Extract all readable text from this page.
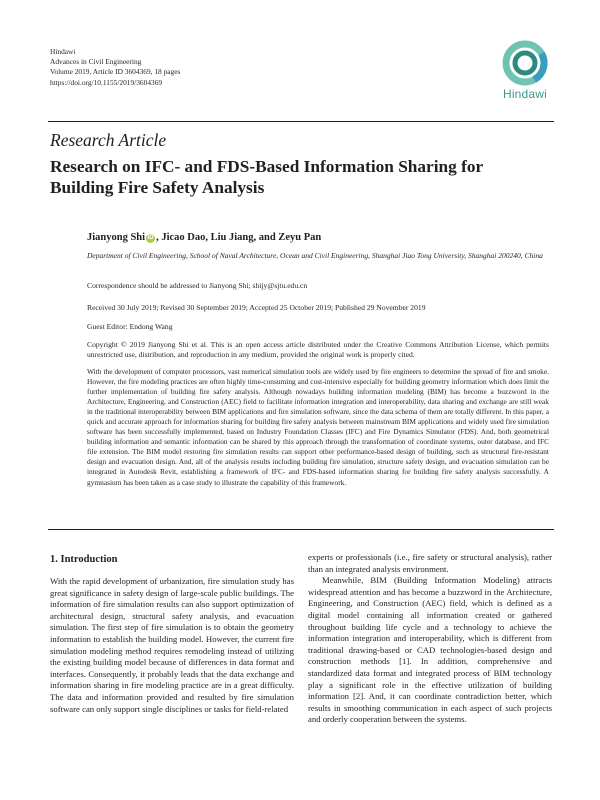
Hindawi
Advances in Civil Engineering
Volume 2019, Article ID 3604369, 18 pages
https://doi.org/10.1155/2019/3604369
Hindawi
Research Article
Research on IFC- and FDS-Based Information Sharing for Building Fire Safety Analysis
Jianyong Shi iD , Jicao Dao, Liu Jiang, and Zeyu Pan
Department of Civil Engineering, School of Naval Architecture, Ocean and Civil Engineering, Shanghai Jiao Tong University, Shanghai 200240, China
Correspondence should be addressed to Jianyong Shi; shijy@sjtu.edu.cn
Received 30 July 2019; Revised 30 September 2019; Accepted 25 October 2019; Published 29 November 2019
Guest Editor: Endong Wang
Copyright © 2019 Jianyong Shi et al. This is an open access article distributed under the Creative Commons Attribution License, which permits unrestricted use, distribution, and reproduction in any medium, provided the original work is properly cited.
With the development of computer processors, vast numerical simulation tools are widely used by fire engineers to determine the spread of fire and smoke. However, the fire modeling practices are often highly time-consuming and cost-intensive especially for building geometry information which does limit the further implementation of building fire safety analysis. Although nowadays building information modeling (BIM) has become a buzzword in the Architecture, Engineering, and Construction (AEC) field to facilitate information integration and interoperability, data sharing and exchange are still weak in the traditional interoperability between BIM applications and fire simulation software, since the data schema of them are totally different. In this paper, a quick and accurate approach for information sharing for building fire safety analysis between mainstream BIM applications and widely used fire simulation software has been successfully implemented, based on Industry Foundation Classes (IFC) and Fire Dynamics Simulator (FDS). And, both geometrical building information and semantic information can be shared by this approach through the transformation of coordinate systems, outer database, and IFC file extension. The BIM model restoring fire simulation results can support other performance-based design of building, such as structural fire-resistant design and evacuation design. And, all of the analysis results including building fire simulation, structure safety design, and evacuation simulation can be integrated in Autodesk Revit, establishing a framework of IFC- and FDS-based information sharing for building fire safety analysis successfully. A gymnasium has been taken as a case study to illustrate the capability of this framework.
1. Introduction

With the rapid development of urbanization, fire simulation study has great significance in safety design of large-scale public buildings. The information of fire simulation results can also support optimization of architectural design, structural safety analysis, and evacuation simulation. The first step of fire simulation is to obtain the geometry information to establish the building model. However, the current fire simulation modeling method requires remodeling instead of utilizing the existing building model because of differences in data format and interfaces. Consequently, it probably leads that the data exchange and information sharing in fire modeling practice are in a great difficulty. The data and information provided and resulted by fire simulation software can only support single disciplines or tasks for field-related

experts or professionals (i.e., fire safety or structural analysis), rather than an integrated analysis environment.

Meanwhile, BIM (Building Information Modeling) attracts widespread attention and has become a buzzword in the Architecture, Engineering, and Construction (AEC) field, which is defined as a digital model containing all information created or gathered throughout building life cycle and a technology to achieve the information integration and interoperability, which is different from traditional drawing-based or CAD technologies-based design and construction methods [1]. In addition, comprehensive and standardized data format and integrated process of BIM technology play a significant role in the effective utilization of building information [2]. And, it can coordinate contradiction better, which results in smoothing communication in each aspect of such projects and orderly cooperation between the systems.
